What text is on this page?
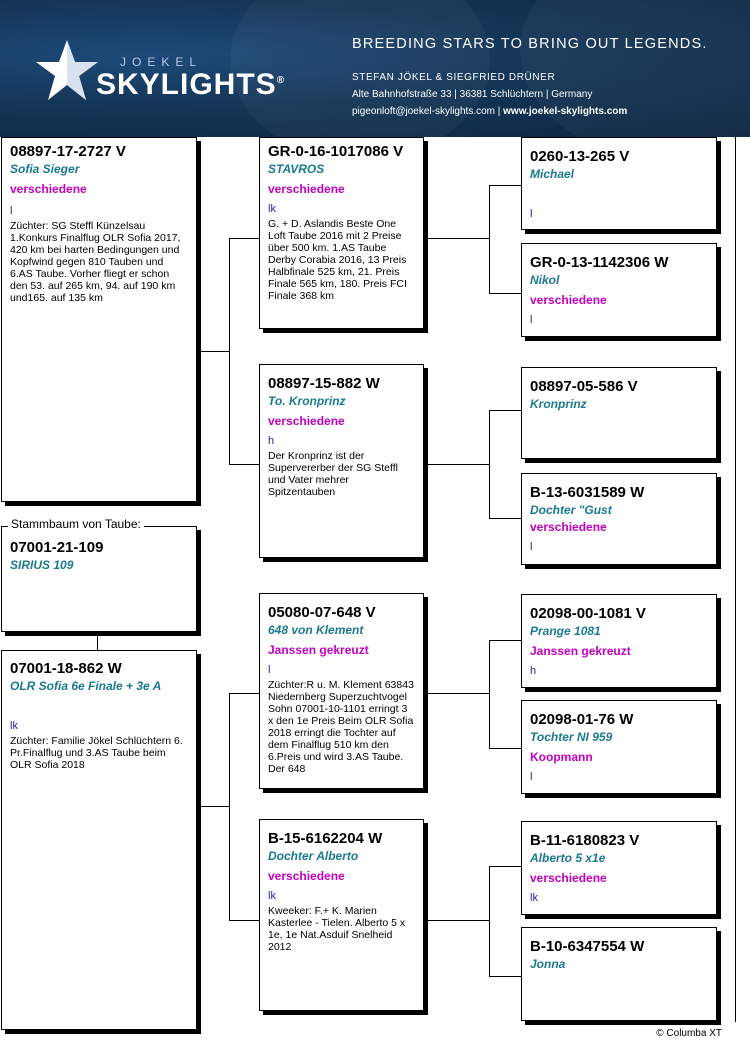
JOEKEL
SKYLIGHTS®
BREEDING STARS TO BRING OUT LEGENDS.
STEFAN JÖKEL & SIEGFRIED DRÜNER
Alte Bahnhofstraße 33 | 36381 Schlüchtern | Germany
pigeonloft@joekel-skylights.com | www.joekel-skylights.com
08897-17-2727 V
Sofia Sieger
verschiedene
l
Züchter: SG Steffl Künzelsau 1.Konkurs Finalflug OLR Sofia 2017, 420 km bei harten Bedingungen und Kopfwind gegen 810 Tauben und 6.AS Taube. Vorher fliegt er schon den 53. auf 265 km, 94. auf 190 km und165. auf 135 km
07001-21-109
SIRIUS 109
Stammbaum von Taube:
07001-18-862 W
OLR Sofia 6e Finale + 3e A
lk
Züchter: Familie Jökel Schlüchtern 6. Pr.Finalflug und 3.AS Taube beim OLR Sofia 2018
GR-0-16-1017086 V
STAVROS
verschiedene
lk
G. + D. Aslandis Beste One Loft Taube 2016 mit 2 Preise über 500 km. 1.AS Taube Derby Corabia 2016, 13 Preis Halbfinale 525 km, 21. Preis Finale 565 km, 180. Preis FCI Finale 368 km
08897-15-882 W
To. Kronprinz
verschiedene
h
Der Kronprinz ist der Supervererber der SG Steffl und Vater mehrer Spitzentauben
05080-07-648 V
648 von Klement
Janssen gekreuzt
l
Züchter:R u. M. Klement 63843 Niedernberg Superzuchtvogel Sohn 07001-10-1101 erringt 3 x den 1e Preis Beim OLR Sofia 2018 erringt die Tochter auf dem Finalflug 510 km den 6.Preis und wird 3.AS Taube. Der 648
B-15-6162204 W
Dochter Alberto
verschiedene
lk
Kweeker: F.+ K. Marien Kasterlee - Tielen. Alberto 5 x 1e, 1e Nat.Asduif Snelheid 2012
0260-13-265 V
Michael
l
GR-0-13-1142306 W
Nikol
verschiedene
l
08897-05-586 V
Kronprinz
B-13-6031589 W
Dochter "Gust
verschiedene
l
02098-00-1081 V
Prange 1081
Janssen gekreuzt
h
02098-01-76 W
Tochter NI 959
Koopmann
l
B-11-6180823 V
Alberto 5 x1e
verschiedene
lk
B-10-6347554 W
Jonna
© Columba XT
